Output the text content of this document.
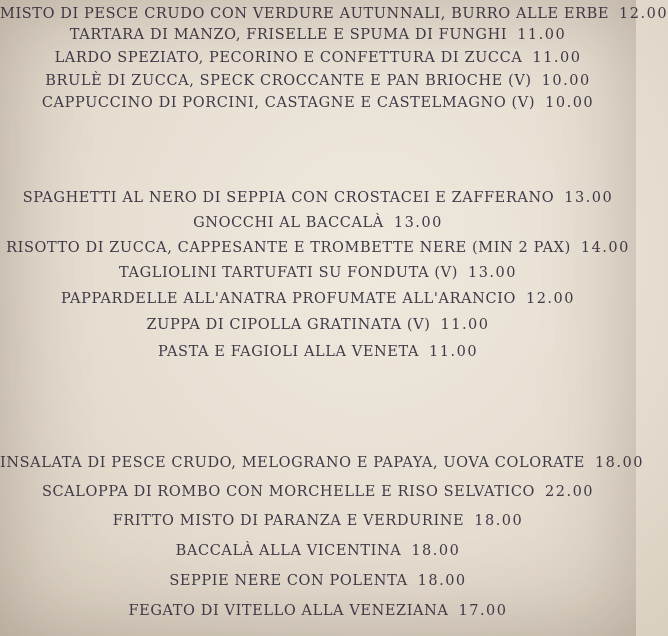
MISTO DI PESCE CRUDO CON VERDURE AUTUNNALI, BURRO ALLE ERBE 12.00
TARTARA DI MANZO, FRISELLE E SPUMA DI FUNGHI 11.00
LARDO SPEZIATO, PECORINO E CONFETTURA DI ZUCCA 11.00
BRULÈ DI ZUCCA, SPECK CROCCANTE E PAN BRIOCHE (V) 10.00
CAPPUCCINO DI PORCINI, CASTAGNE E CASTELMAGNO (V) 10.00
SPAGHETTI AL NERO DI SEPPIA CON CROSTACEI E ZAFFERANO 13.00
GNOCCHI AL BACCALÀ 13.00
RISOTTO DI ZUCCA, CAPPESANTE E TROMBETTE NERE (MIN 2 PAX) 14.00
TAGLIOLINI TARTUFATI SU FONDUTA (V) 13.00
PAPPARDELLE ALL'ANATRA PROFUMATE ALL'ARANCIO 12.00
ZUPPA DI CIPOLLA GRATINATA (V) 11.00
PASTA E FAGIOLI ALLA VENETA 11.00
INSALATA DI PESCE CRUDO, MELOGRANO E PAPAYA, UOVA COLORATE 18.00
SCALOPPA DI ROMBO CON MORCHELLE E RISO SELVATICO 22.00
FRITTO MISTO DI PARANZA E VERDURINE 18.00
BACCALÀ ALLA VICENTINA 18.00
SEPPIE NERE CON POLENTA 18.00
FEGATO DI VITELLO ALLA VENEZIANA 17.00
